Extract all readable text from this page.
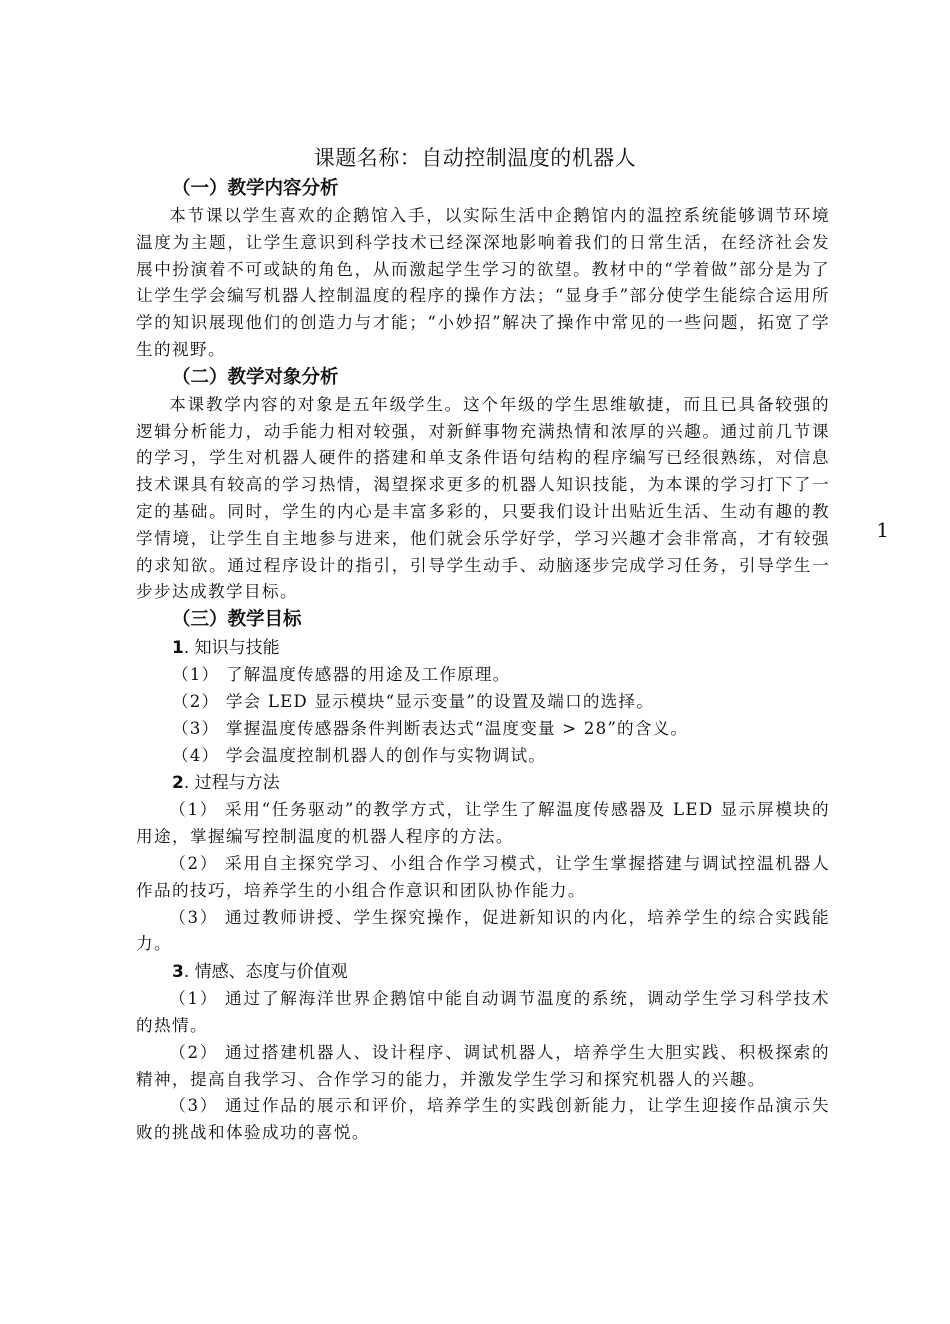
课题名称：自动控制温度的机器人
（一）教学内容分析

本节课以学生喜欢的企鹅馆入手，以实际生活中企鹅馆内的温控系统能够调节环境温度为主题，让学生意识到科学技术已经深深地影响着我们的日常生活，在经济社会发展中扮演着不可或缺的角色，从而激起学生学习的欲望。教材中的“学着做”部分是为了让学生学会编写机器人控制温度的程序的操作方法；“显身手”部分使学生能综合运用所学的知识展现他们的创造力与才能；“小妙招”解决了操作中常见的一些问题，拓宽了学生的视野。

（二）教学对象分析

本课教学内容的对象是五年级学生。这个年级的学生思维敏捷，而且已具备较强的逻辑分析能力，动手能力相对较强，对新鲜事物充满热情和浓厚的兴趣。通过前几节课的学习，学生对机器人硬件的搭建和单支条件语句结构的程序编写已经很熟练，对信息技术课具有较高的学习热情，渴望探求更多的机器人知识技能，为本课的学习打下了一定的基础。同时，学生的内心是丰富多彩的，只要我们设计出贴近生活、生动有趣的教学情境，让学生自主地参与进来，他们就会乐学好学，学习兴趣才会非常高，才有较强的求知欲。通过程序设计的指引，引导学生动手、动脑逐步完成学习任务，引导学生一步步达成教学目标。

（三）教学目标
1. 知识与技能
（1） 了解温度传感器的用途及工作原理。
（2） 学会 LED 显示模块“显示变量”的设置及端口的选择。
（3） 掌握温度传感器条件判断表达式“温度变量 > 28”的含义。
（4） 学会温度控制机器人的创作与实物调试。
2. 过程与方法

（1） 采用“任务驱动”的教学方式，让学生了解温度传感器及 LED 显示屏模块的用途，掌握编写控制温度的机器人程序的方法。

（2） 采用自主探究学习、小组合作学习模式，让学生掌握搭建与调试控温机器人作品的技巧，培养学生的小组合作意识和团队协作能力。

（3） 通过教师讲授、学生探究操作，促进新知识的内化，培养学生的综合实践能力。

3. 情感、态度与价值观

（1） 通过了解海洋世界企鹅馆中能自动调节温度的系统，调动学生学习科学技术的热情。

（2） 通过搭建机器人、设计程序、调试机器人，培养学生大胆实践、积极探索的精神，提高自我学习、合作学习的能力，并激发学生学习和探究机器人的兴趣。

（3） 通过作品的展示和评价，培养学生的实践创新能力，让学生迎接作品演示失败的挑战和体验成功的喜悦。

1
